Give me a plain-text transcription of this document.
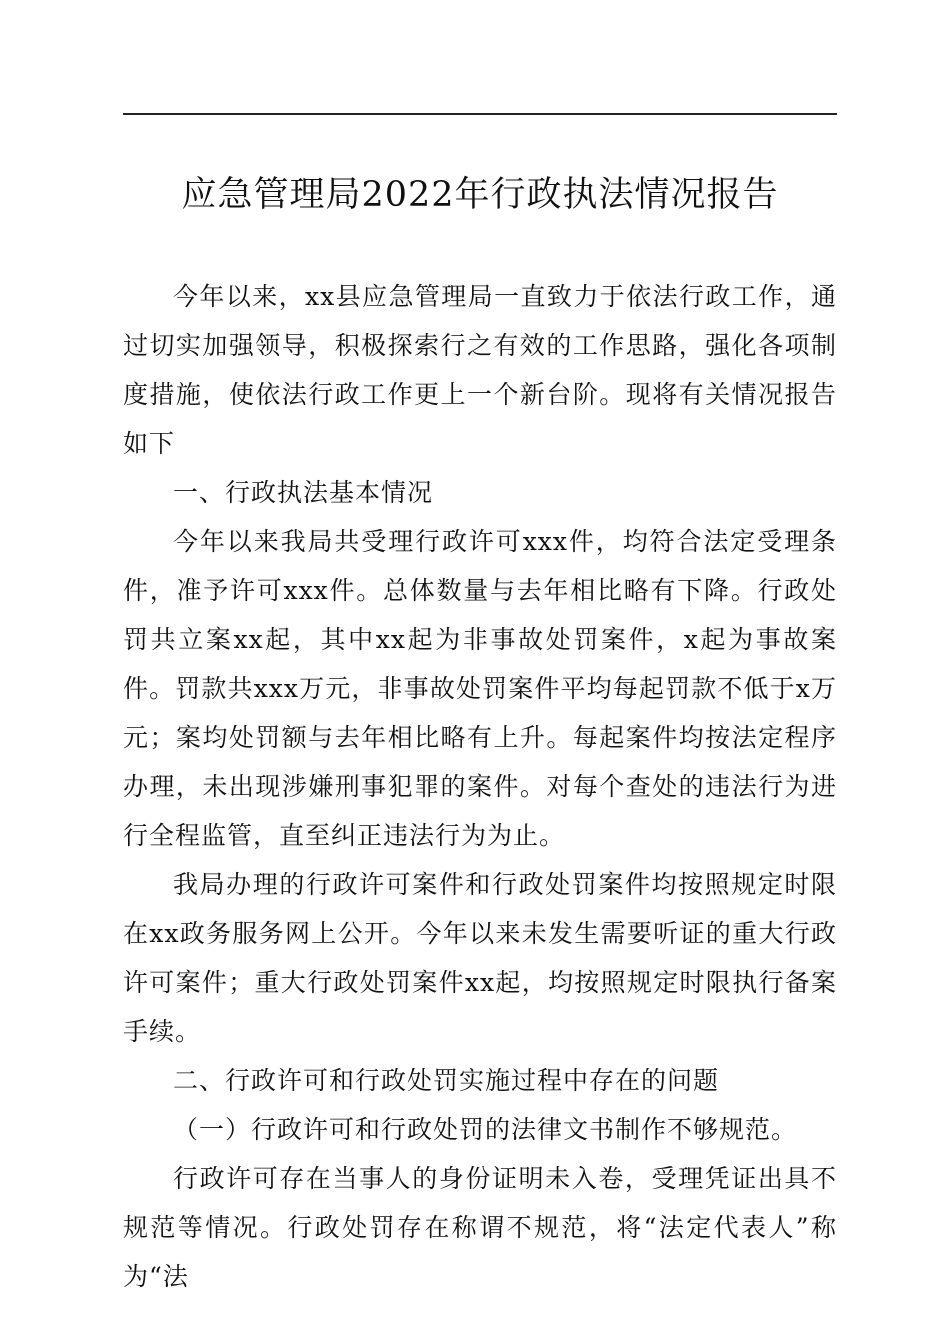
应急管理局2022年行政执法情况报告

今年以来，xx县应急管理局一直致力于依法行政工作，通过切实加强领导，积极探索行之有效的工作思路，强化各项制度措施，使依法行政工作更上一个新台阶。现将有关情况报告如下

一、行政执法基本情况

今年以来我局共受理行政许可xxx件，均符合法定受理条件，准予许可xxx件。总体数量与去年相比略有下降。行政处罚共立案xx起，其中xx起为非事故处罚案件，x起为事故案件。罚款共xxx万元，非事故处罚案件平均每起罚款不低于x万元；案均处罚额与去年相比略有上升。每起案件均按法定程序办理，未出现涉嫌刑事犯罪的案件。对每个查处的违法行为进行全程监管，直至纠正违法行为为止。

我局办理的行政许可案件和行政处罚案件均按照规定时限在xx政务服务网上公开。今年以来未发生需要听证的重大行政许可案件；重大行政处罚案件xx起，均按照规定时限执行备案手续。

二、行政许可和行政处罚实施过程中存在的问题

（一）行政许可和行政处罚的法律文书制作不够规范。

行政许可存在当事人的身份证明未入卷，受理凭证出具不规范等情况。行政处罚存在称谓不规范，将“法定代表人”称为“法
